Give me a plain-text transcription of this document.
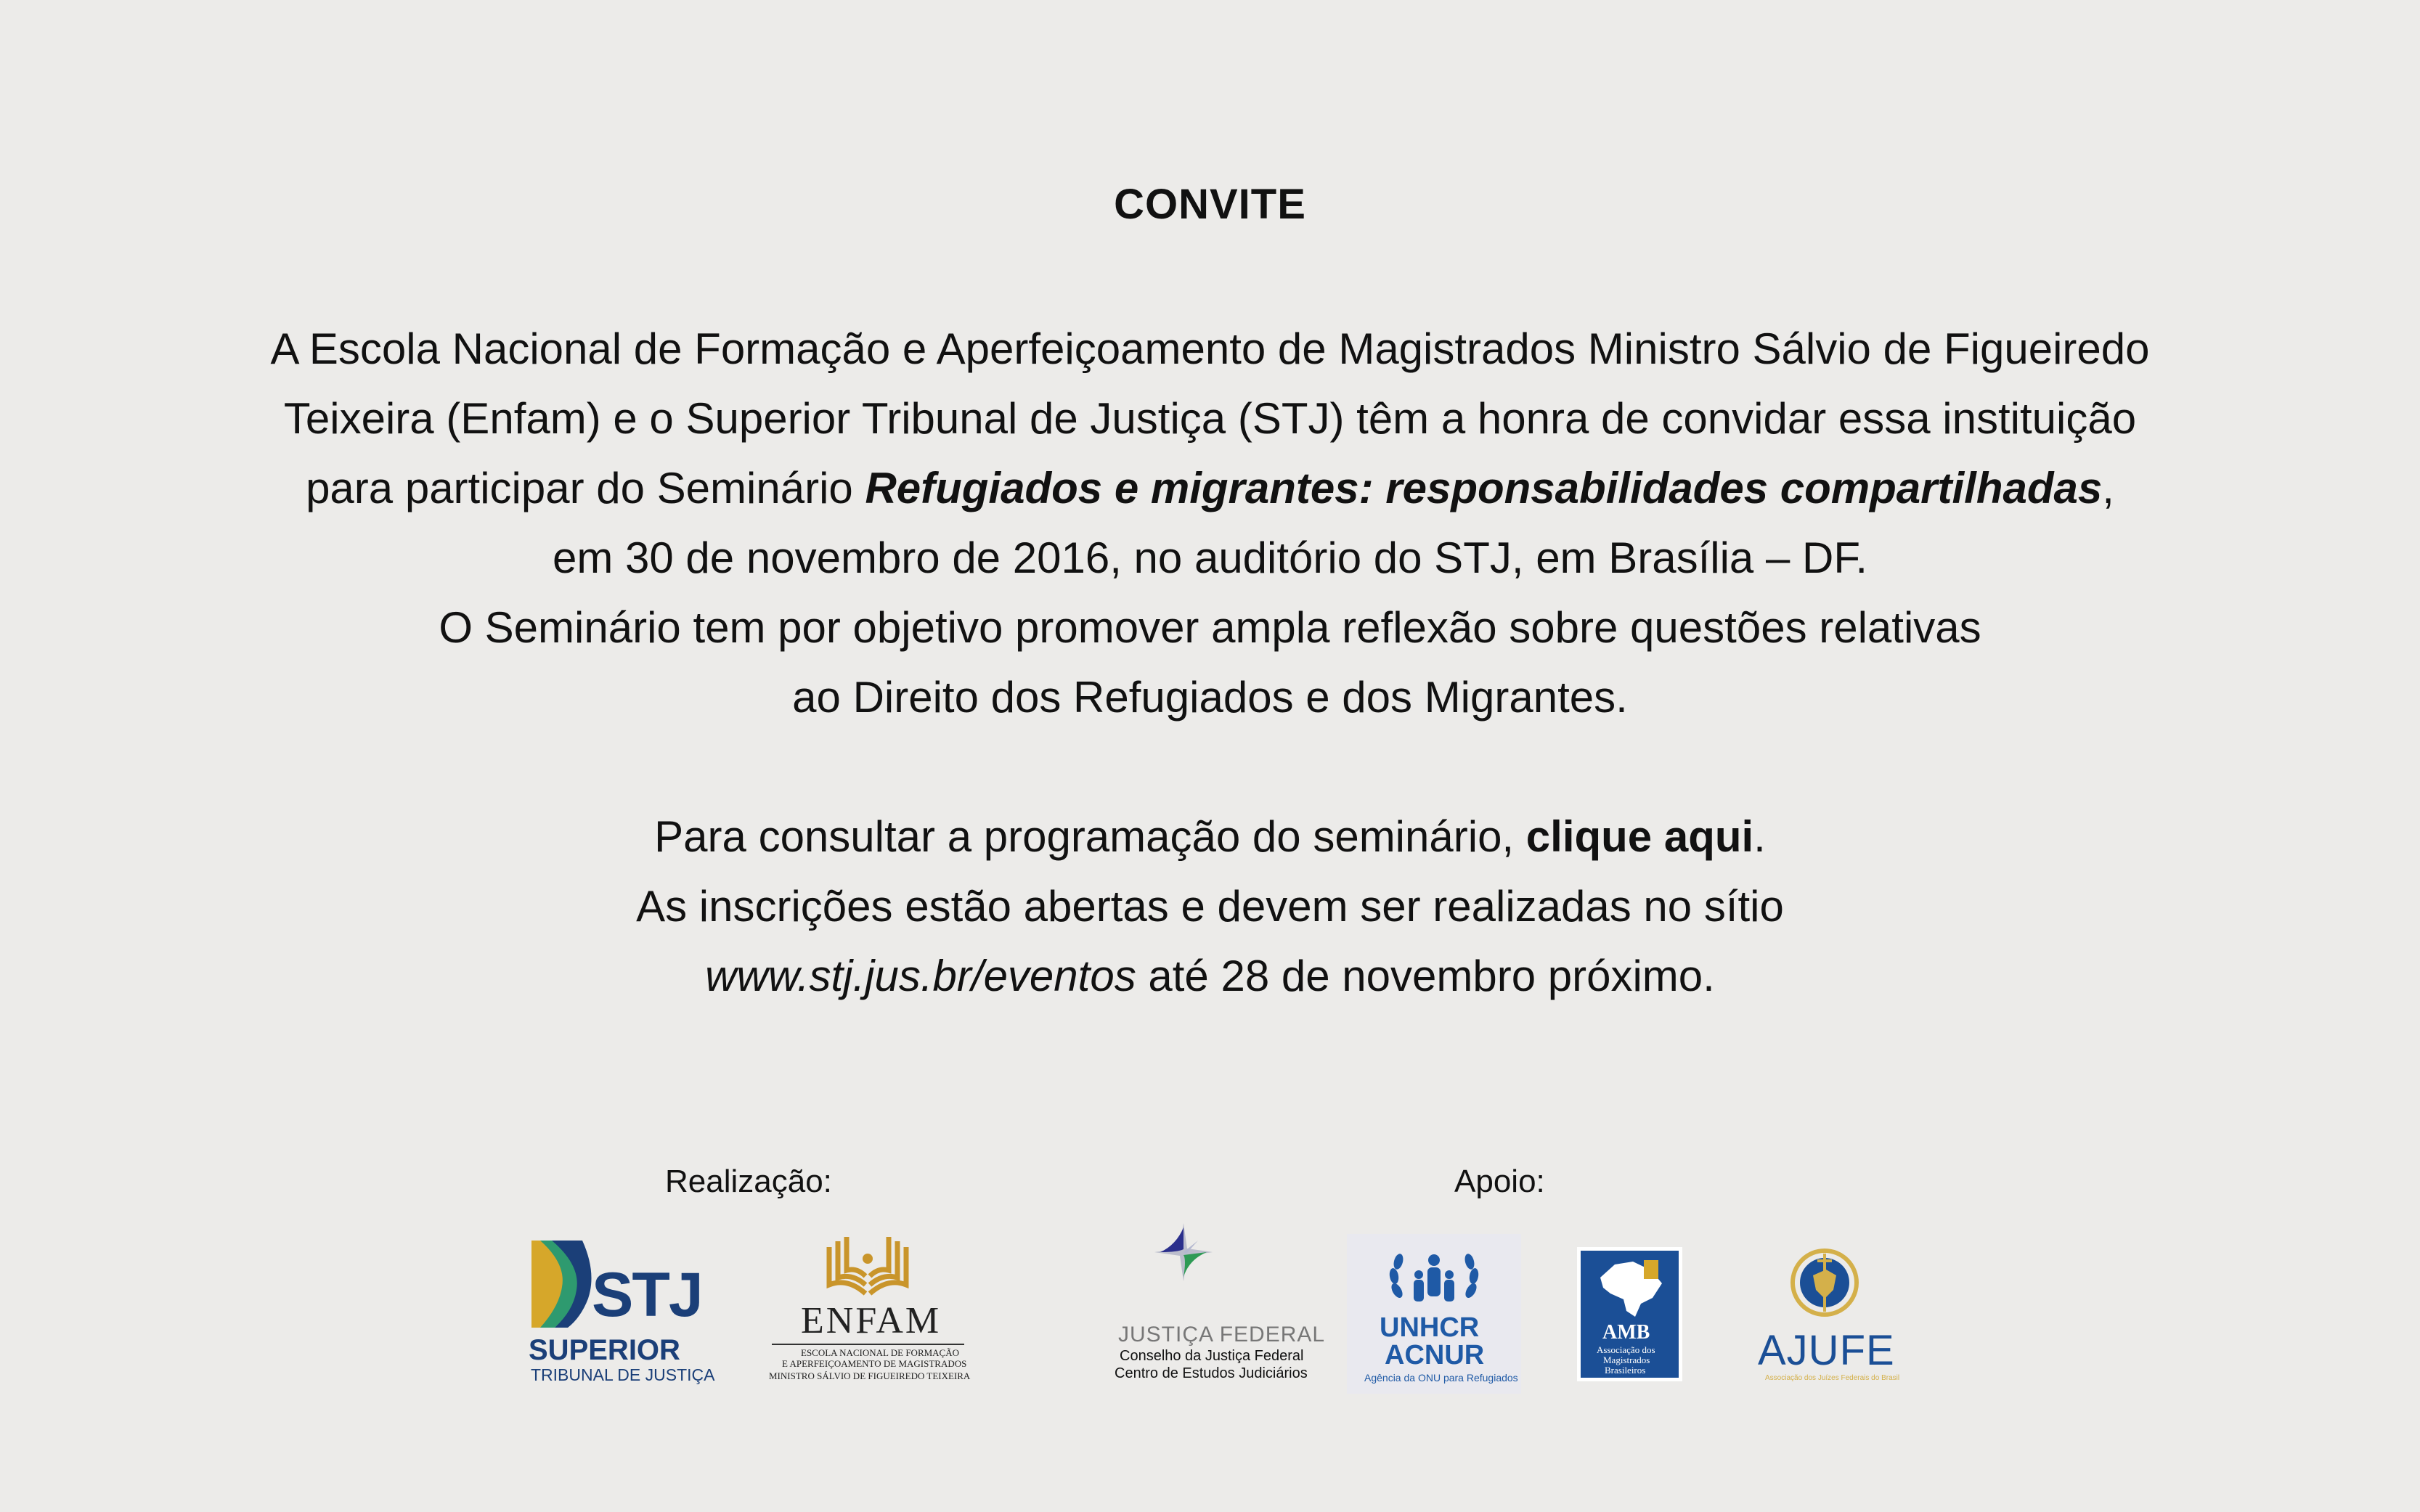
CONVITE
A Escola Nacional de Formação e Aperfeiçoamento de Magistrados Ministro Sálvio de Figueiredo
Teixeira (Enfam) e o Superior Tribunal de Justiça (STJ) têm a honra de convidar essa instituição
para participar do Seminário Refugiados e migrantes: responsabilidades compartilhadas,
em 30 de novembro de 2016, no auditório do STJ, em Brasília – DF.
O Seminário tem por objetivo promover ampla reflexão sobre questões relativas
ao Direito dos Refugiados e dos Migrantes.
Para consultar a programação do seminário, clique aqui.
As inscrições estão abertas e devem ser realizadas no sítio
www.stj.jus.br/eventos até 28 de novembro próximo.
Realização:	Apoio:
STJ
SUPERIOR
TRIBUNAL DE JUSTIÇA
ENFAM
ESCOLA NACIONAL DE FORMAÇÃO
E APERFEIÇOAMENTO DE MAGISTRADOS
MINISTRO SÁLVIO DE FIGUEIREDO TEIXEIRA
JUSTIÇA FEDERAL
Conselho da Justiça Federal
Centro de Estudos Judiciários
UNHCR
ACNUR
Agência da ONU para Refugiados
AMB
Associação dos
Magistrados
Brasileiros	AJUFE
Associação dos Juízes Federais do Brasil
